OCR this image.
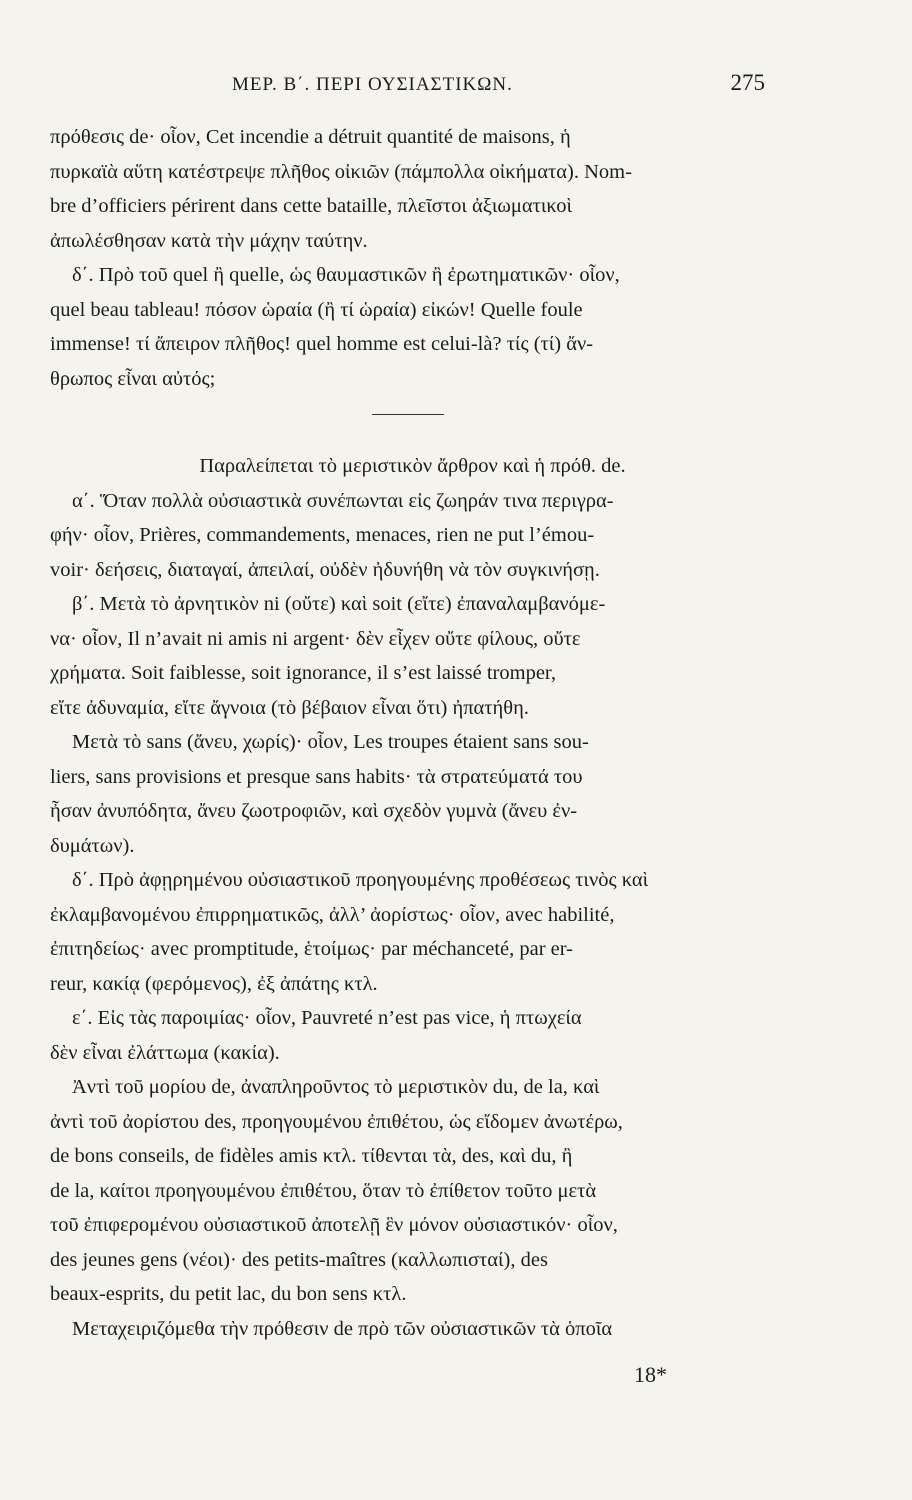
ΜΕΡ. Β΄. ΠΕΡΙ ΟΥΣΙΑΣΤΙΚΩΝ.	275
πρόθεσις de· οἷον, Cet incendie a détruit quantité de maisons, ἡ
πυρκαϊὰ αὕτη κατέστρεψε πλῆθος οἰκιῶν (πάμπολλα οἰκήματα). Nom-
bre d’officiers périrent dans cette bataille, πλεῖστοι ἀξιωματικοὶ
ἀπωλέσθησαν κατὰ τὴν μάχην ταύτην.
δ΄. Πρὸ τοῦ quel ἢ quelle, ὡς θαυμαστικῶν ἢ ἐρωτηματικῶν· οἷον,
quel beau tableau! πόσον ὡραία (ἢ τί ὡραία) εἰκών! Quelle foule
immense! τί ἄπειρον πλῆθος! quel homme est celui-là? τίς (τί) ἄν-
θρωπος εἶναι αὐτός;
Παραλείπεται τὸ μεριστικὸν ἄρθρον καὶ ἡ πρόθ. de.
α΄. Ὅταν πολλὰ οὐσιαστικὰ συνέπωνται εἰς ζωηράν τινα περιγρα-
φήν· οἷον, Prières, commandements, menaces, rien ne put l’émou-
voir· δεήσεις, διαταγαί, ἀπειλαί, οὐδὲν ἠδυνήθη νὰ τὸν συγκινήσῃ.
β΄. Μετὰ τὸ ἀρνητικὸν ni (οὔτε) καὶ soit (εἴτε) ἐπαναλαμβανόμε-
να· οἷον, Il n’avait ni amis ni argent· δὲν εἶχεν οὔτε φίλους, οὔτε
χρήματα. Soit faiblesse, soit ignorance, il s’est laissé tromper,
εἴτε ἀδυναμία, εἴτε ἄγνοια (τὸ βέβαιον εἶναι ὅτι) ἠπατήθη.
Μετὰ τὸ sans (ἄνευ, χωρίς)· οἷον, Les troupes étaient sans sou-
liers, sans provisions et presque sans habits· τὰ στρατεύματά του
ἦσαν ἀνυπόδητα, ἄνευ ζωοτροφιῶν, καὶ σχεδὸν γυμνὰ (ἄνευ ἐν-
δυμάτων).
δ΄. Πρὸ ἀφῃρημένου οὐσιαστικοῦ προηγουμένης προθέσεως τινὸς καὶ
ἐκλαμβανομένου ἐπιρρηματικῶς, ἀλλ’ ἀορίστως· οἷον, avec habilité,
ἐπιτηδείως· avec promptitude, ἑτοίμως· par méchanceté, par er-
reur, κακίᾳ (φερόμενος), ἐξ ἀπάτης κτλ.
ε΄. Εἰς τὰς παροιμίας· οἷον, Pauvreté n’est pas vice, ἡ πτωχεία
δὲν εἶναι ἐλάττωμα (κακία).
Ἀντὶ τοῦ μορίου de, ἀναπληροῦντος τὸ μεριστικὸν du, de la, καὶ
ἀντὶ τοῦ ἀορίστου des, προηγουμένου ἐπιθέτου, ὡς εἴδομεν ἀνωτέρω,
de bons conseils, de fidèles amis κτλ. τίθενται τὰ, des, καὶ du, ἢ
de la, καίτοι προηγουμένου ἐπιθέτου, ὅταν τὸ ἐπίθετον τοῦτο μετὰ
τοῦ ἐπιφερομένου οὐσιαστικοῦ ἀποτελῇ ἓν μόνον οὐσιαστικόν· οἷον,
des jeunes gens (νέοι)· des petits-maîtres (καλλωπισταί), des
beaux-esprits, du petit lac, du bon sens κτλ.
Μεταχειριζόμεθα τὴν πρόθεσιν de πρὸ τῶν οὐσιαστικῶν τὰ ὁποῖα
18*
